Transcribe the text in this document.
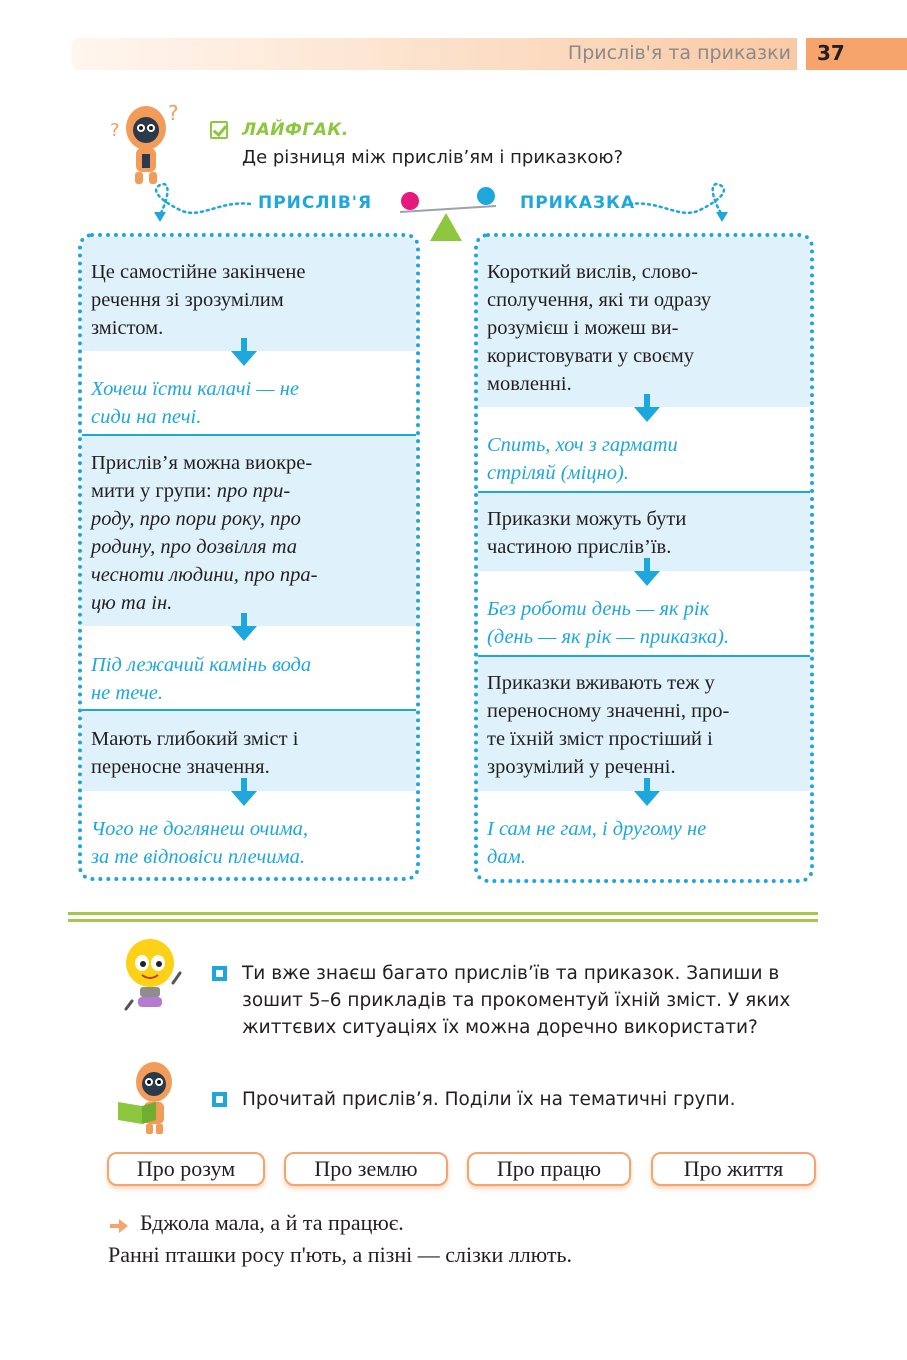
Прислів'я та приказки	37
?
?
ЛАЙФГАК.
Де різниця між прислів’ям і приказкою?
ПРИСЛІВ'Я	ПРИКАЗКА
Це самостійне закінчене
речення зі зрозумілим
змістом.
Хочеш їсти калачі — не
сиди на печі.
Прислів’я можна виокре-
мити у групи: про при-
роду, про пори року, про
родину, про дозвілля та
чесноти людини, про пра-
цю та ін.
Під лежачий камінь вода
не тече.
Мають глибокий зміст і
переносне значення.
Чого не доглянеш очима,
за те відповіси плечима.
Короткий вислів, слово-
сполучення, які ти одразу
розумієш і можеш ви-
користовувати у своєму
мовленні.
Спить, хоч з гармати
стріляй (міцно).
Приказки можуть бути
частиною прислів’їв.
Без роботи день — як рік
(день — як рік — приказка).
Приказки вживають теж у
переносному значенні, про-
те їхній зміст простіший і
зрозумілий у реченні.
І сам не гам, і другому не
дам.
Ти вже знаєш багато прислів’їв та приказок. Запиши в
зошит 5–6 прикладів та прокоментуй їхній зміст. У яких
життєвих ситуаціях їх можна доречно використати?
Прочитай прислів’я. Поділи їх на тематичні групи.
Про розум	Про землю	Про працю	Про життя
Бджола мала, а й та працює.
Ранні пташки росу п'ють, а пізні — слізки ллють.
